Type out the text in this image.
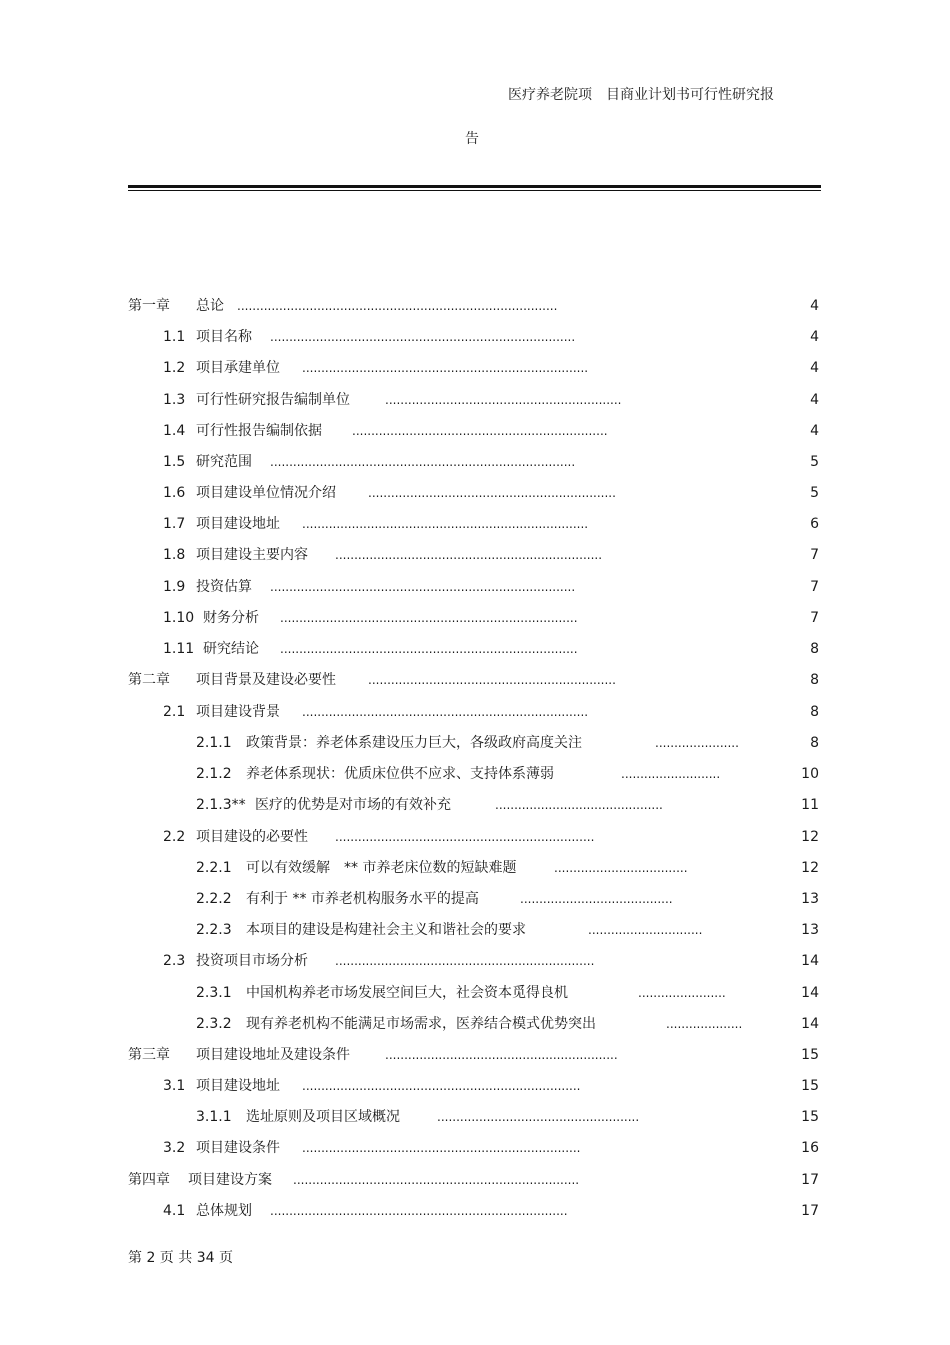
医疗养老院项　目商业计划书可行性研究报
告
第一章 总论 ....................................................................................	4
1.1 项目名称 ................................................................................	4
1.2 项目承建单位 ...........................................................................	4
1.3 可行性研究报告编制单位	..............................................................	4
1.4 可行性报告编制依据	...................................................................	4
1.5 研究范围 ................................................................................	5
1.6 项目建设单位情况介绍	.................................................................	5
1.7 项目建设地址 ...........................................................................	6
1.8 项目建设主要内容 ......................................................................	7
1.9 投资估算 ................................................................................	7
1.10 财务分析 ..............................................................................	7
1.11 研究结论 ..............................................................................	8
第二章 项目背景及建设必要性	.................................................................	8
2.1 项目建设背景 ...........................................................................	8
2.1.1 政策背景：养老体系建设压力巨大，各级政府高度关注	......................	8
2.1.2 养老体系现状：优质床位供不应求、支持体系薄弱	..........................	10
2.1.3** 医疗的优势是对市场的有效补充	............................................	11
2.2 项目建设的必要性 ....................................................................	12
2.2.1 可以有效缓解　** 市养老床位数的短缺难题	...................................	12
2.2.2 有利于 ** 市养老机构服务水平的提高	........................................	13
2.2.3 本项目的建设是构建社会主义和谐社会的要求	..............................	13
2.3 投资项目市场分析 ....................................................................	14
2.3.1 中国机构养老市场发展空间巨大，社会资本觅得良机	.......................	14
2.3.2 现有养老机构不能满足市场需求，医养结合模式优势突出	....................	14
第三章 项目建设地址及建设条件	.............................................................	15
3.1 项目建设地址 .........................................................................	15
3.1.1 选址原则及项目区域概况	.....................................................	15
3.2 项目建设条件 .........................................................................	16
第四章 项目建设方案 ...........................................................................	17
4.1 总体规划 ..............................................................................	17
第 2 页 共 34 页
